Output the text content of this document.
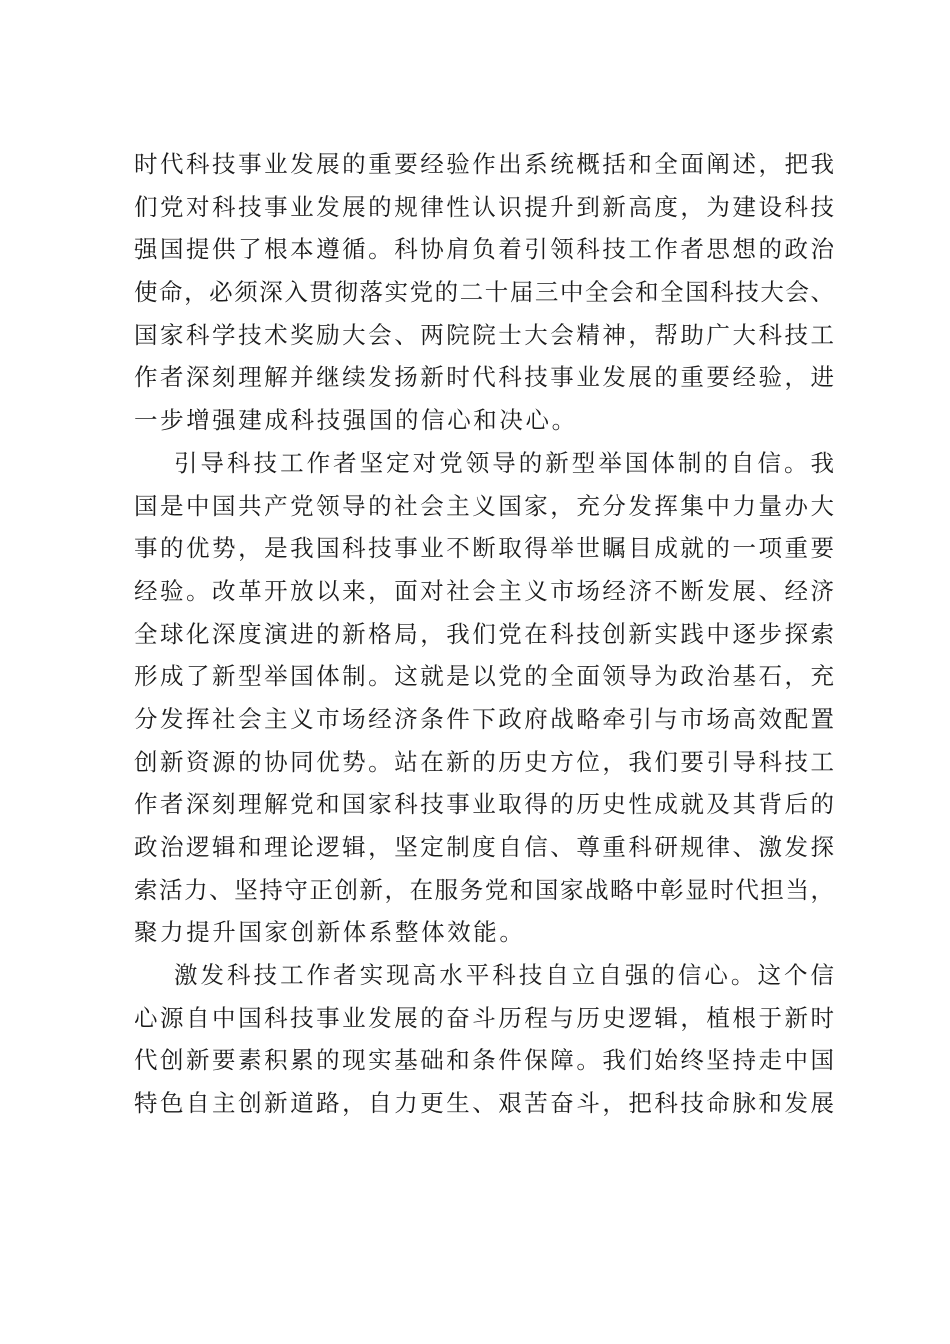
时代科技事业发展的重要经验作出系统概括和全面阐述，把我
们党对科技事业发展的规律性认识提升到新高度，为建设科技
强国提供了根本遵循。科协肩负着引领科技工作者思想的政治
使命，必须深入贯彻落实党的二十届三中全会和全国科技大会、
国家科学技术奖励大会、两院院士大会精神，帮助广大科技工
作者深刻理解并继续发扬新时代科技事业发展的重要经验，进
一步增强建成科技强国的信心和决心。
引导科技工作者坚定对党领导的新型举国体制的自信。我
国是中国共产党领导的社会主义国家，充分发挥集中力量办大
事的优势，是我国科技事业不断取得举世瞩目成就的一项重要
经验。改革开放以来，面对社会主义市场经济不断发展、经济
全球化深度演进的新格局，我们党在科技创新实践中逐步探索
形成了新型举国体制。这就是以党的全面领导为政治基石，充
分发挥社会主义市场经济条件下政府战略牵引与市场高效配置
创新资源的协同优势。站在新的历史方位，我们要引导科技工
作者深刻理解党和国家科技事业取得的历史性成就及其背后的
政治逻辑和理论逻辑，坚定制度自信、尊重科研规律、激发探
索活力、坚持守正创新，在服务党和国家战略中彰显时代担当，
聚力提升国家创新体系整体效能。
激发科技工作者实现高水平科技自立自强的信心。这个信
心源自中国科技事业发展的奋斗历程与历史逻辑，植根于新时
代创新要素积累的现实基础和条件保障。我们始终坚持走中国
特色自主创新道路，自力更生、艰苦奋斗，把科技命脉和发展
